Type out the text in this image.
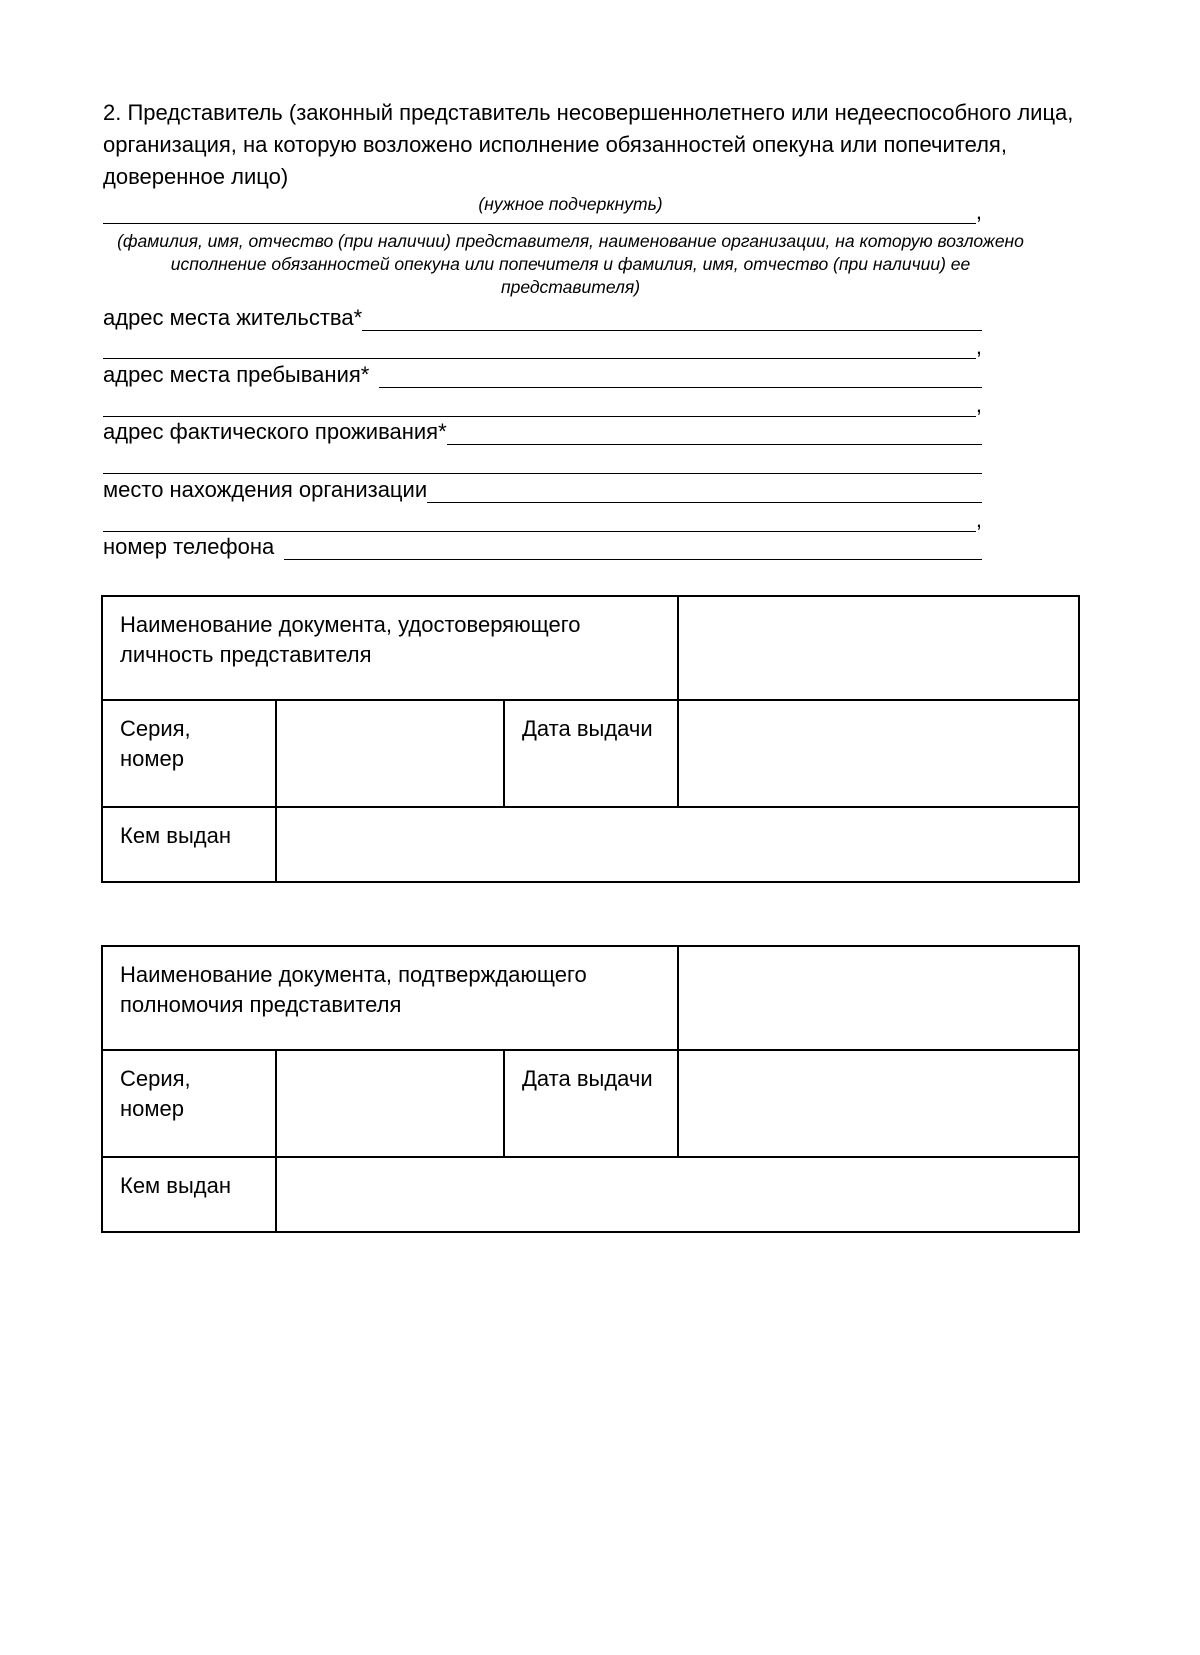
2. Представитель (законный представитель несовершеннолетнего или недееспособного лица, организация, на которую возложено исполнение обязанностей опекуна или попечителя, доверенное лицо)

(нужное подчеркнуть)	,
(фамилия, имя, отчество (при наличии) представителя, наименование организации, на которую возложено исполнение обязанностей опекуна или попечителя и фамилия, имя, отчество (при наличии) ее представителя)
адрес места жительства*
,
адрес места пребывания*
,
адрес фактического проживания*
место нахождения организации
,
номер телефона
Наименование документа, удостоверяющего личность представителя			
Серия, номер		Дата выдачи	
Кем выдан			
Наименование документа, подтверждающего полномочия представителя			
Серия, номер		Дата выдачи	
Кем выдан			
